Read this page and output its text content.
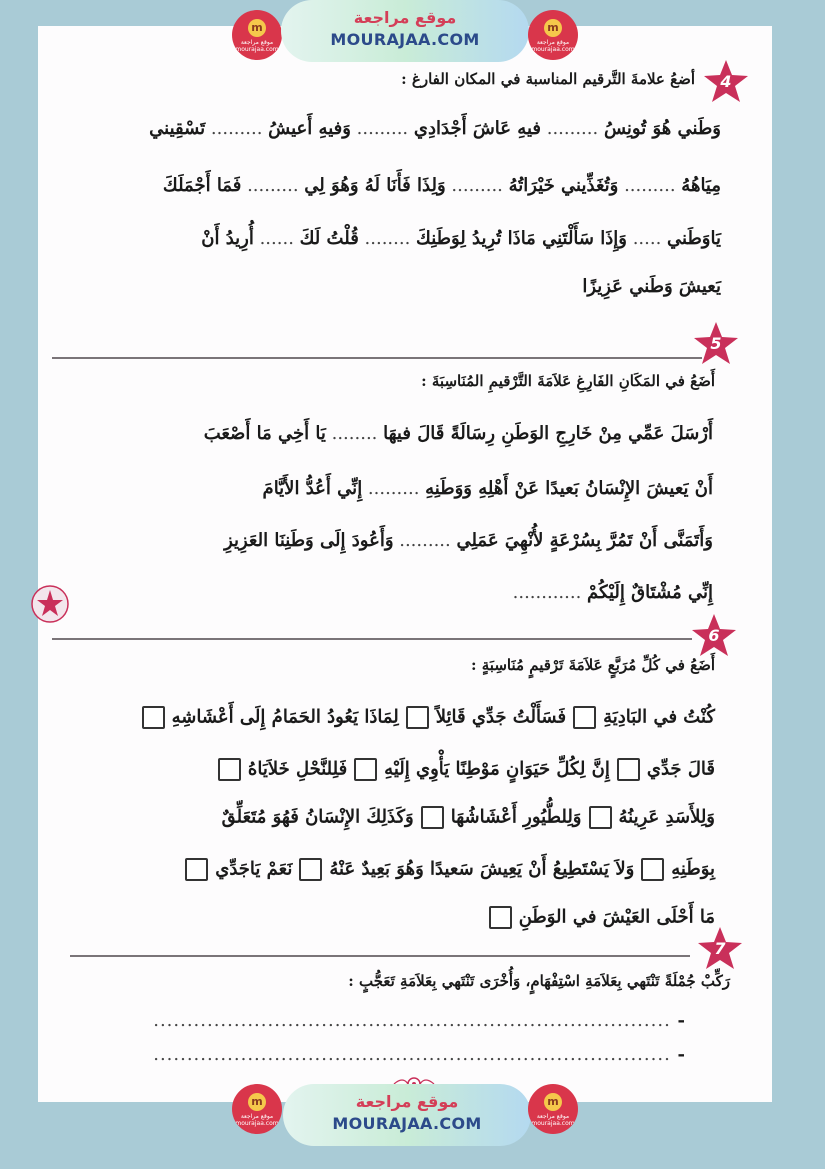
m
موقع مراجعة
mourajaa.com
موقع مراجعة
MOURAJAA.COM
m
موقع مراجعة
mourajaa.com
4
أضعُ علامةَ التَّرقيم المناسبة في المكان الفارغ :
وَطَني هُوَ تُونِسُ ......... فيهِ عَاشَ أَجْدَادِي ......... وَفيهِ أَعيشُ ......... تَسْقِيني
مِيَاهُهُ ......... وَتُغَذِّيني خَيْرَاتُهُ ......... وَلِذَا فَأَنَا لَهُ وَهُوَ لِي ......... فَمَا أَجْمَلَكَ
يَاوَطَني ..... وَإِذَا سَأَلْتَنِي مَاذَا تُرِيدُ لِوَطَنِكَ ........ قُلْتُ لَكَ ...... أُرِيدُ أَنْ
يَعيشَ وَطَني عَزِيزًا
5
أَضَعُ في المَكَانِ الفَارِغِ عَلاَمَةَ التَّرْقيمِ المُنَاسِبَةَ :
أَرْسَلَ عَمِّي مِنْ خَارِجِ الوَطَنِ رِسَالَةً قَالَ فيهَا ........ يَا أَخِي مَا أَصْعَبَ
أَنْ يَعيشَ الإِنْسَانُ بَعيدًا عَنْ أَهْلِهِ وَوَطَنِهِ ......... إِنِّي أَعُدُّ الأَيَّامَ
وَأَتَمَنَّى أَنْ تَمُرَّ بِسُرْعَةٍ لأُنْهِيَ عَمَلِي ......... وَأَعُودَ إِلَى وَطَنِنَا العَزِيزِ
إِنِّي مُشْتَاقٌ إِلَيْكُمْ ............
6
أَضَعُ في كُلِّ مُرَبَّعٍ عَلاَمَةَ تَرْقيمٍ مُنَاسِبَةٍ :
كُنْتُ في البَادِيَةِفَسَأَلْتُ جَدِّي قَائِلاًلِمَاذَا يَعُودُ الحَمَامُ إِلَى أَعْشَاشِهِ
قَالَ جَدِّيإِنَّ لِكُلِّ حَيَوَانٍ مَوْطِنًا يَأْوِي إِلَيْهِفَلِلنَّحْلِ خَلاَيَاهُ
وَلِلأَسَدِ عَرِينُهُوَلِلطُّيُورِ أَعْشَاشُهَاوَكَذَلِكَ الإِنْسَانُ فَهُوَ مُتَعَلِّقٌ
بِوَطَنِهِوَلاَ يَسْتَطِيعُ أَنْ يَعِيشَ سَعيدًا وَهُوَ بَعِيدٌ عَنْهُنَعَمْ يَاجَدِّي
مَا أَحْلَى العَيْشَ في الوَطَنِ
7
رَكِّبْ جُمْلَةً تَنْتَهي بِعَلاَمَةِ اسْتِفْهَامٍ، وَأُخْرَى تَنْتَهي بِعَلاَمَةِ تَعَجُّبٍ :
- .............................................................................
- .............................................................................
m
موقع مراجعة
mourajaa.com
موقع مراجعة
MOURAJAA.COM
m
موقع مراجعة
mourajaa.com
